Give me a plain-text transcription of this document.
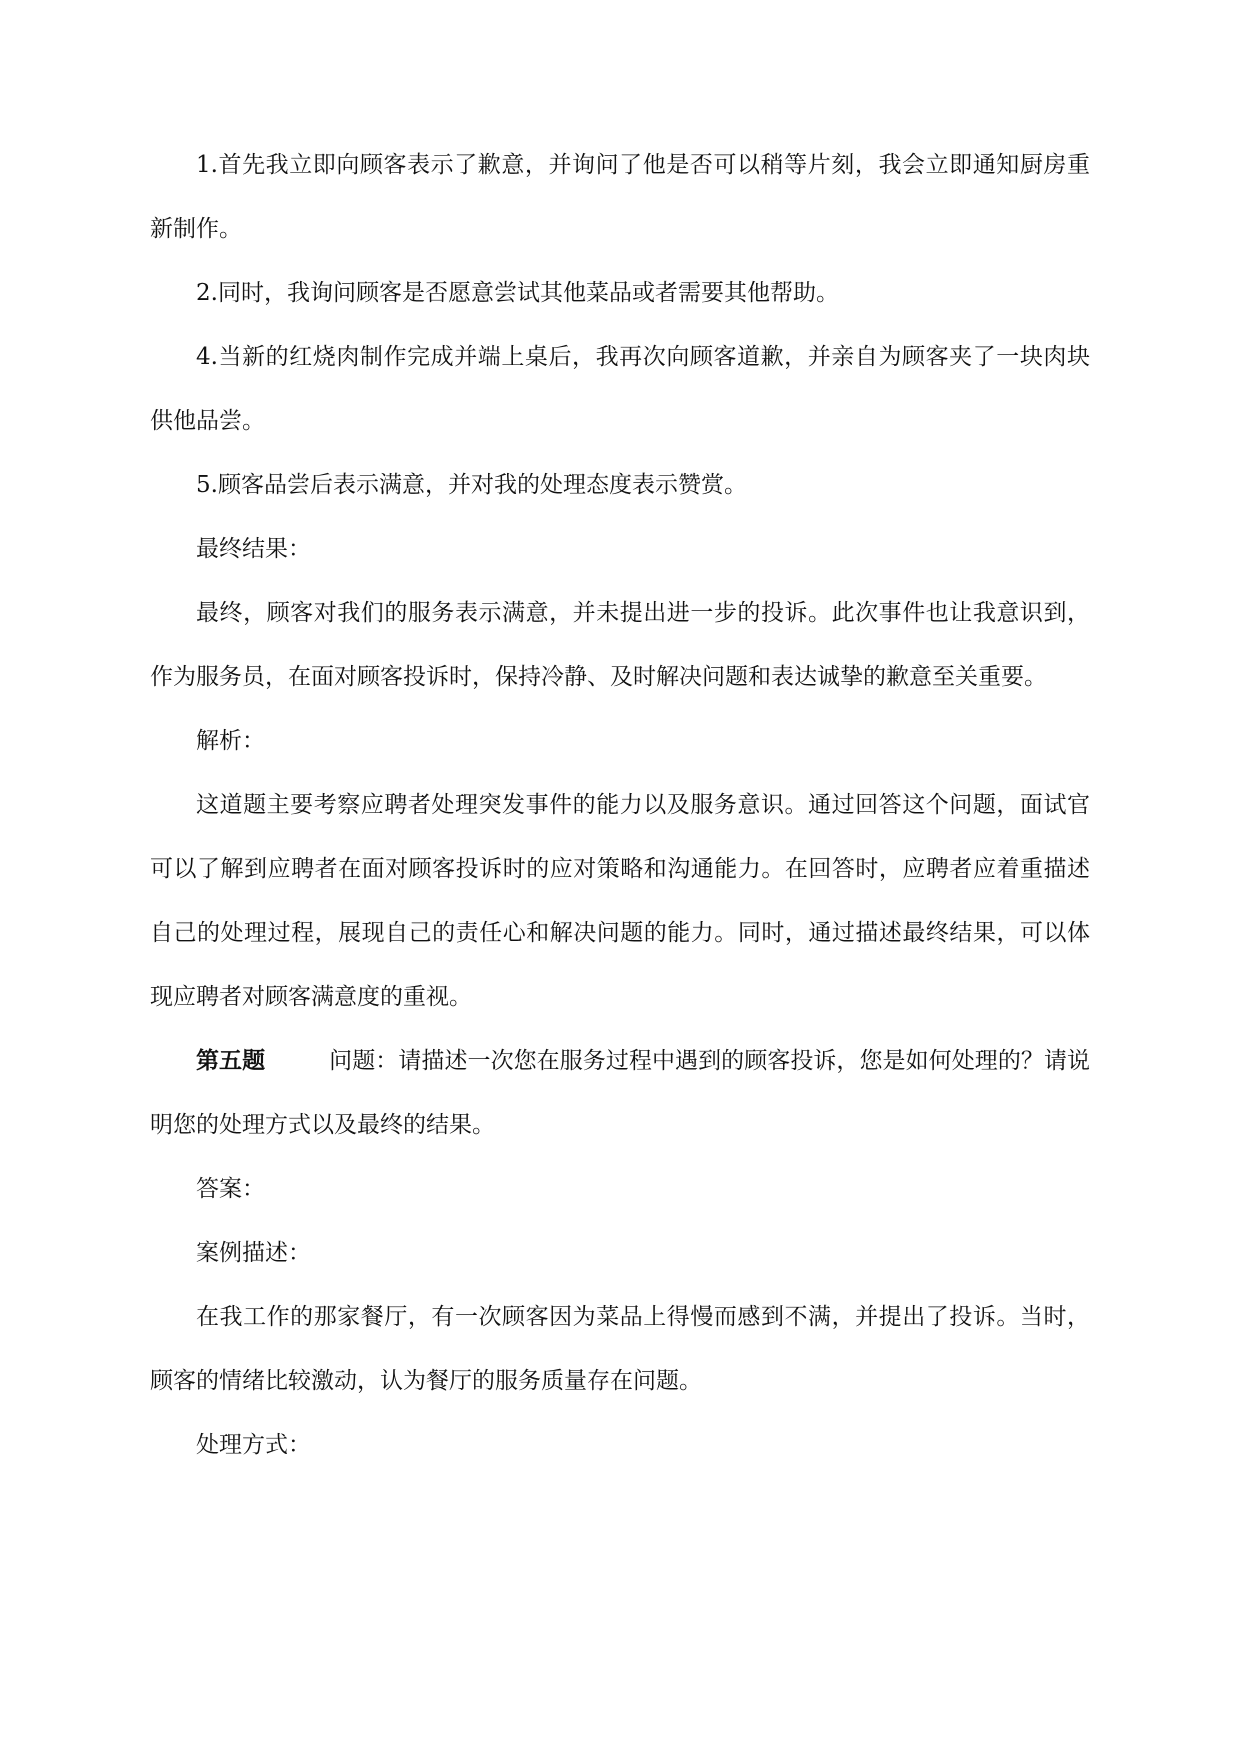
1.首先我立即向顾客表示了歉意，并询问了他是否可以稍等片刻，我会立即通知厨房重新制作。

2.同时，我询问顾客是否愿意尝试其他菜品或者需要其他帮助。

4.当新的红烧肉制作完成并端上桌后，我再次向顾客道歉，并亲自为顾客夹了一块肉块供他品尝。

5.顾客品尝后表示满意，并对我的处理态度表示赞赏。

最终结果：

最终，顾客对我们的服务表示满意，并未提出进一步的投诉。此次事件也让我意识到，作为服务员，在面对顾客投诉时，保持冷静、及时解决问题和表达诚挚的歉意至关重要。

解析：

这道题主要考察应聘者处理突发事件的能力以及服务意识。通过回答这个问题，面试官可以了解到应聘者在面对顾客投诉时的应对策略和沟通能力。在回答时，应聘者应着重描述自己的处理过程，展现自己的责任心和解决问题的能力。同时，通过描述最终结果，可以体现应聘者对顾客满意度的重视。

第五题	问题：请描述一次您在服务过程中遇到的顾客投诉，您是如何处理的？请说明您的处理方式以及最终的结果。

答案：

案例描述：

在我工作的那家餐厅，有一次顾客因为菜品上得慢而感到不满，并提出了投诉。当时，顾客的情绪比较激动，认为餐厅的服务质量存在问题。

处理方式：
